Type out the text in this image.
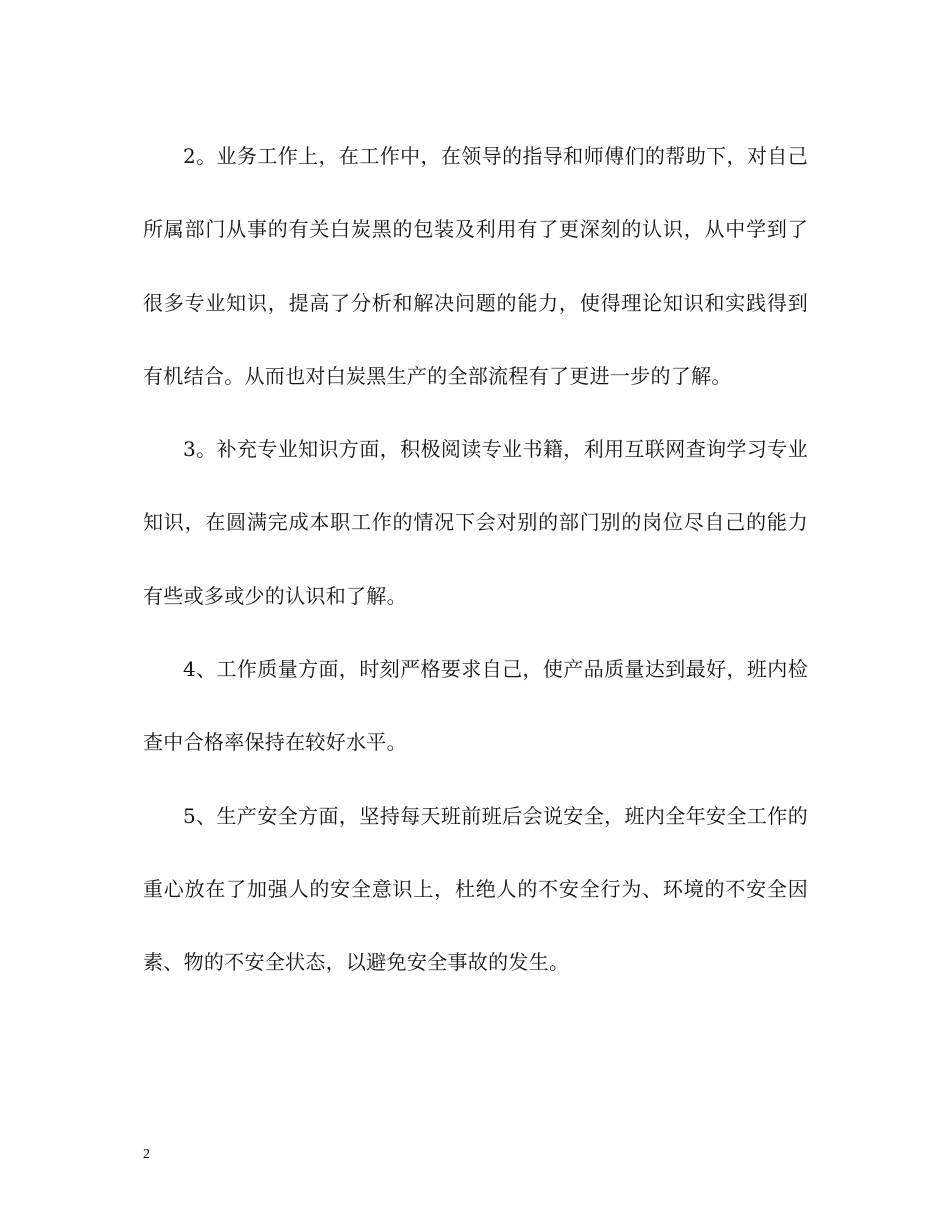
2。业务工作上，在工作中，在领导的指导和师傅们的帮助下，对自己所属部门从事的有关白炭黑的包装及利用有了更深刻的认识，从中学到了很多专业知识，提高了分析和解决问题的能力，使得理论知识和实践得到有机结合。从而也对白炭黑生产的全部流程有了更进一步的了解。

3。补充专业知识方面，积极阅读专业书籍，利用互联网查询学习专业知识，在圆满完成本职工作的情况下会对别的部门别的岗位尽自己的能力有些或多或少的认识和了解。

4、工作质量方面，时刻严格要求自己，使产品质量达到最好，班内检查中合格率保持在较好水平。

5、生产安全方面，坚持每天班前班后会说安全，班内全年安全工作的重心放在了加强人的安全意识上，杜绝人的不安全行为、环境的不安全因素、物的不安全状态，以避免安全事故的发生。

2
